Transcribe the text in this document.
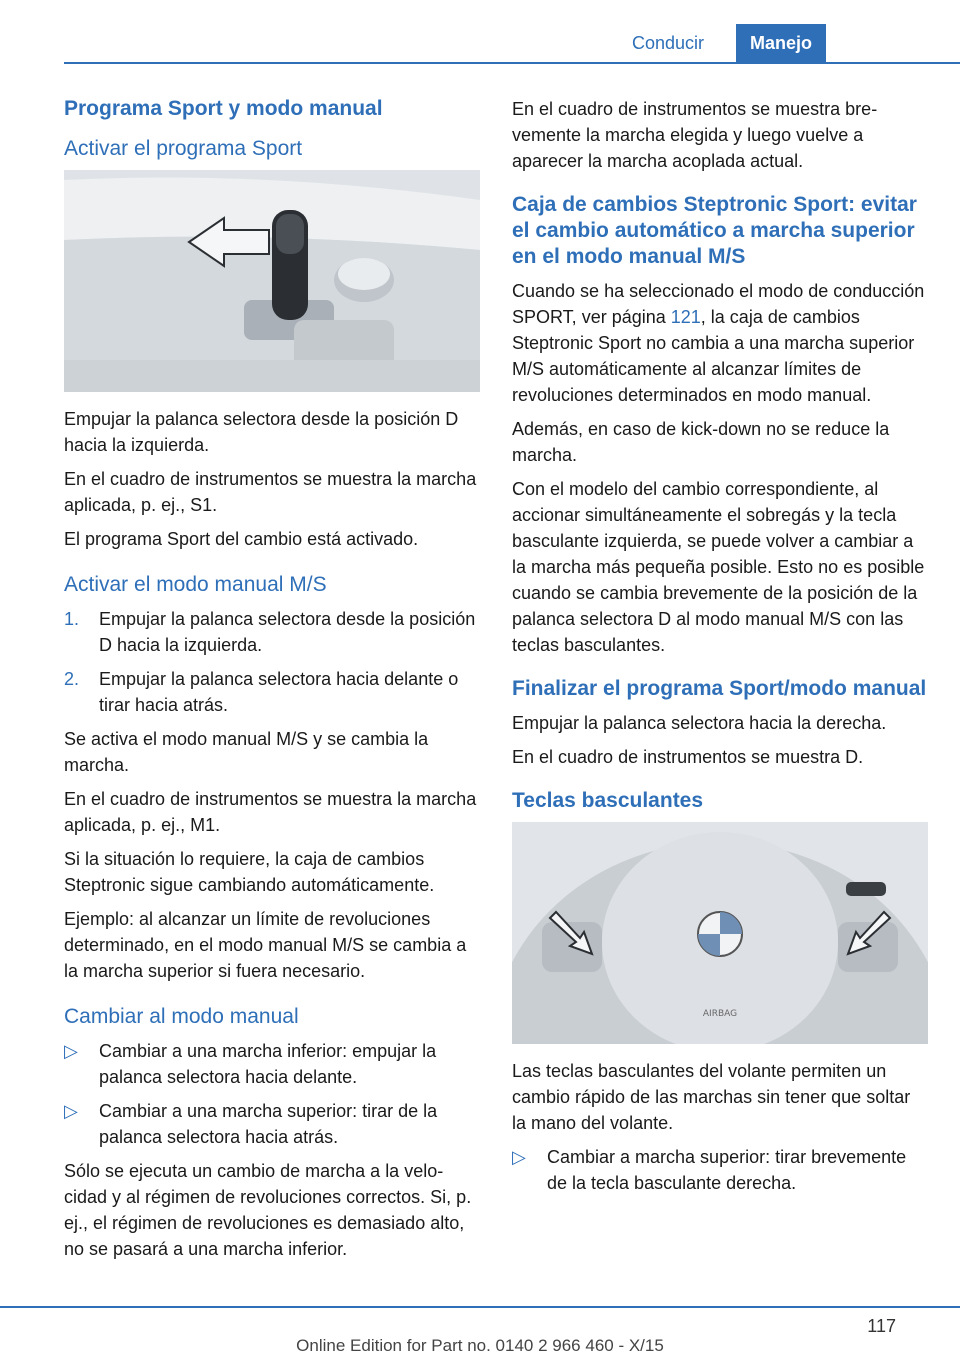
Conducir	Manejo
Programa Sport y modo manual
Activar el programa Sport

Empujar la palanca selectora desde la posición D hacia la izquierda.

En el cuadro de instrumentos se muestra la marcha aplicada, p. ej., S1.

El programa Sport del cambio está activado.

Activar el modo manual M/S
1. Empujar la palanca selectora desde la posición D hacia la izquierda.
2. Empujar la palanca selectora hacia delante o tirar hacia atrás.

Se activa el modo manual M/S y se cambia la marcha.

En el cuadro de instrumentos se muestra la marcha aplicada, p. ej., M1.

Si la situación lo requiere, la caja de cambios Steptronic sigue cambiando automáticamente.

Ejemplo: al alcanzar un límite de revoluciones determinado, en el modo manual M/S se cambia a la marcha superior si fuera necesario.

Cambiar al modo manual
▷ Cambiar a una marcha inferior: empujar la palanca selectora hacia delante.
▷ Cambiar a una marcha superior: tirar de la palanca selectora hacia atrás.

Sólo se ejecuta un cambio de marcha a la velocidad y al régimen de revoluciones correctos. Si, p. ej., el régimen de revoluciones es demasiado alto, no se pasará a una marcha inferior.

En el cuadro de instrumentos se muestra brevemente la marcha elegida y luego vuelve a aparecer la marcha acoplada actual.

Caja de cambios Steptronic Sport: evitar el cambio automático a marcha superior en el modo manual M/S

Cuando se ha seleccionado el modo de conducción SPORT, ver página 121, la caja de cambios Steptronic Sport no cambia a una marcha superior M/S automáticamente al alcanzar límites de revoluciones determinados en modo manual.

Además, en caso de kick-down no se reduce la marcha.

Con el modelo del cambio correspondiente, al accionar simultáneamente el sobregás y la tecla basculante izquierda, se puede volver a cambiar a la marcha más pequeña posible. Esto no es posible cuando se cambia brevemente de la posición de la palanca selectora D al modo manual M/S con las teclas basculantes.

Finalizar el programa Sport/modo manual

Empujar la palanca selectora hacia la derecha.

En el cuadro de instrumentos se muestra D.

Teclas basculantes
AIRBAG

Las teclas basculantes del volante permiten un cambio rápido de las marchas sin tener que soltar la mano del volante.

▷ Cambiar a marcha superior: tirar brevemente de la tecla basculante derecha.
117
Online Edition for Part no. 0140 2 966 460 - X/15
